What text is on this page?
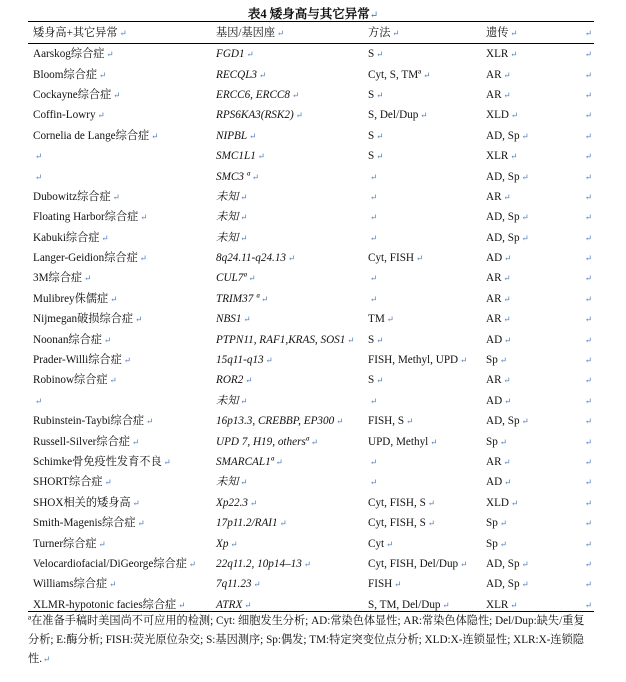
表4 矮身高与其它异常↵
矮身高+其它异常 ↵	基因/基因座 ↵	方法 ↵	遗传 ↵	↵
Aarskog综合症 ↵	FGD1 ↵	S ↵	XLR ↵	↵
Bloom综合症 ↵	RECQL3 ↵	Cyt, S, TMª ↵	AR ↵	↵
Cockayne综合症 ↵	ERCC6, ERCC8 ↵	S ↵	AR ↵	↵
Coffin-Lowry ↵	RPS6KA3(RSK2) ↵	S, Del/Dup ↵	XLD ↵	↵
Cornelia de Lange综合症 ↵	NIPBL ↵	S ↵	AD, Sp ↵	↵
↵	SMC1L1 ↵	S ↵	XLR ↵	↵
↵	SMC3 ª ↵	↵	AD, Sp ↵	↵
Dubowitz综合症 ↵	未知 ↵	↵	AR ↵	↵
Floating Harbor综合症 ↵	未知 ↵	↵	AD, Sp ↵	↵
Kabuki综合症 ↵	未知 ↵	↵	AD, Sp ↵	↵
Langer-Geidion综合症 ↵	8q24.11-q24.13 ↵	Cyt, FISH ↵	AD ↵	↵
3M综合症 ↵	CUL7ª ↵	↵	AR ↵	↵
Mulibrey侏儒症 ↵	TRIM37 ª ↵	↵	AR ↵	↵
Nijmegan破损综合症 ↵	NBS1 ↵	TM ↵	AR ↵	↵
Noonan综合症 ↵	PTPN11, RAF1,KRAS, SOS1 ↵	S ↵	AD ↵	↵
Prader-Willi综合症 ↵	15q11-q13 ↵	FISH, Methyl, UPD ↵	Sp ↵	↵
Robinow综合症 ↵	ROR2 ↵	S ↵	AR ↵	↵
↵	未知 ↵	↵	AD ↵	↵
Rubinstein-Taybi综合症 ↵	16p13.3, CREBBP, EP300 ↵	FISH, S ↵	AD, Sp ↵	↵
Russell-Silver综合症 ↵	UPD 7, H19, othersª ↵	UPD, Methyl ↵	Sp ↵	↵
Schimke骨免疫性发育不良 ↵	SMARCAL1ª ↵	↵	AR ↵	↵
SHORT综合症 ↵	未知 ↵	↵	AD ↵	↵
SHOX相关的矮身高 ↵	Xp22.3 ↵	Cyt, FISH, S ↵	XLD ↵	↵
Smith-Magenis综合症 ↵	17p11.2/RAI1 ↵	Cyt, FISH, S ↵	Sp ↵	↵
Turner综合症 ↵	Xp ↵	Cyt ↵	Sp ↵	↵
Velocardiofacial/DiGeorge综合症 ↵	22q11.2, 10p14–13 ↵	Cyt, FISH, Del/Dup ↵	AD, Sp ↵	↵
Williams综合症 ↵	7q11.23 ↵	FISH ↵	AD, Sp ↵	↵
XLMR-hypotonic facies综合症 ↵	ATRX ↵	S, TM, Del/Dup ↵	XLR ↵	↵
ª在准备手稿时美国尚不可应用的检测; Cyt: 细胞发生分析; AD:常染色体显性; AR:常染色体隐性; Del/Dup:缺失/重复分析; E:酶分析; FISH:荧光原位杂交; S:基因测序; Sp:偶发; TM:特定突变位点分析; XLD:X-连锁显性; XLR:X-连锁隐性.↵
